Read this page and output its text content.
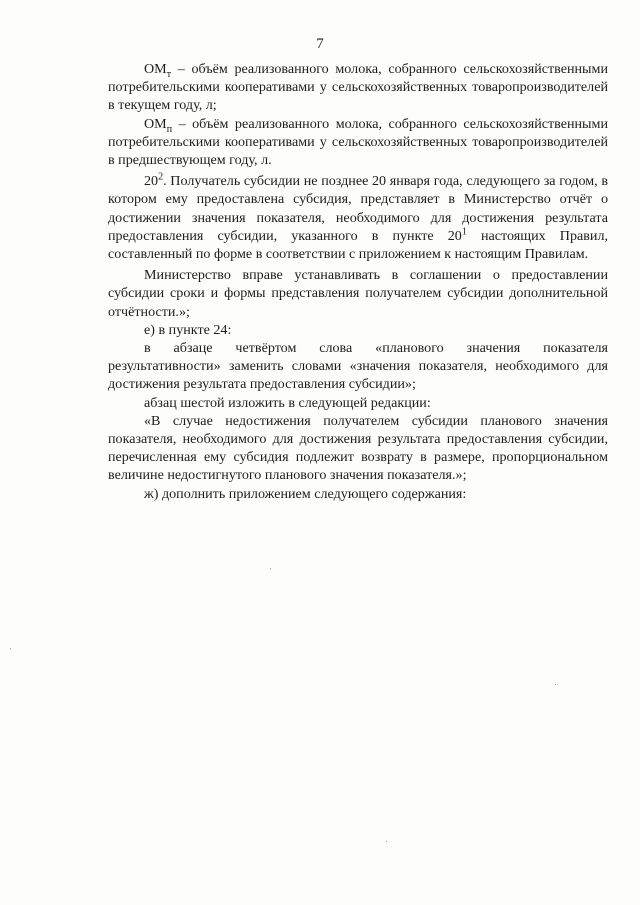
7

$ОМ_т$ – объём реализованного молока, собранного сельскохозяйственными потребительскими кооперативами у сельскохозяйственных товаропроизводителей в текущем году, л;

$ОМ_п$ – объём реализованного молока, собранного сельскохозяйственными потребительскими кооперативами у сельскохозяйственных товаропроизводителей в предшествующем году, л.

$20^2$. Получатель субсидии не позднее 20 января года, следующего за годом, в котором ему предоставлена субсидия, представляет в Министерство отчёт о достижении значения показателя, необходимого для достижения результата предоставления субсидии, указанного в пункте $20^1$ настоящих Правил, составленный по форме в соответствии с приложением к настоящим Правилам.

Министерство вправе устанавливать в соглашении о предоставлении субсидии сроки и формы представления получателем субсидии дополнительной отчётности.»;

е) в пункте 24:

в абзаце четвёртом слова «планового значения показателя результативности» заменить словами «значения показателя, необходимого для достижения результата предоставления субсидии»;

абзац шестой изложить в следующей редакции:

«В случае недостижения получателем субсидии планового значения показателя, необходимого для достижения результата предоставления субсидии, перечисленная ему субсидия подлежит возврату в размере, пропорциональном величине недостигнутого планового значения показателя.»;

ж) дополнить приложением следующего содержания:
